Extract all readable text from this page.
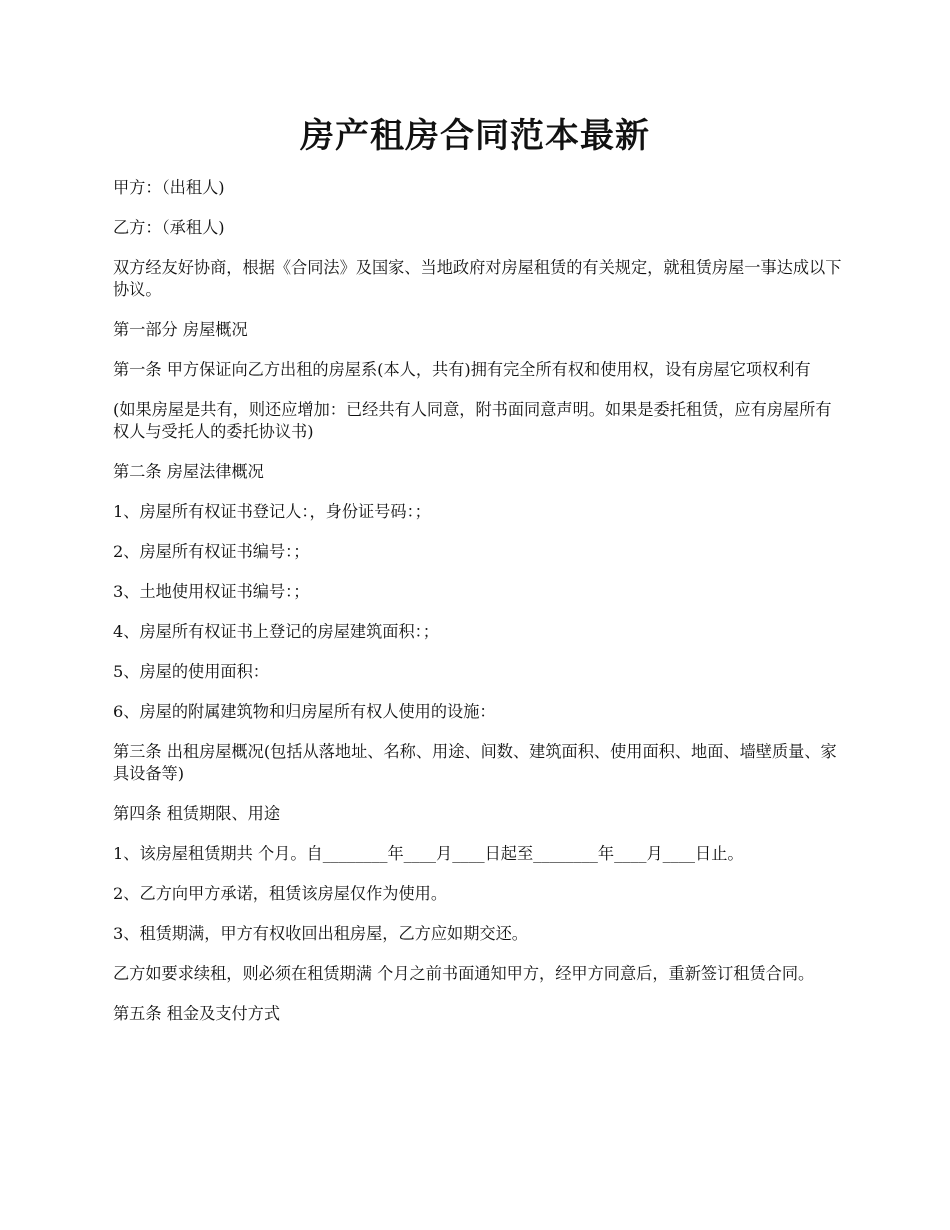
房产租房合同范本最新

甲方：（出租人)

乙方：（承租人)

双方经友好协商，根据《合同法》及国家、当地政府对房屋租赁的有关规定，就租赁房屋一事达成以下协议。

第一部分 房屋概况

第一条 甲方保证向乙方出租的房屋系(本人，共有)拥有完全所有权和使用权，设有房屋它项权利有

(如果房屋是共有，则还应增加：已经共有人同意，附书面同意声明。如果是委托租赁，应有房屋所有权人与受托人的委托协议书)

第二条 房屋法律概况

1、房屋所有权证书登记人：，身份证号码：；

2、房屋所有权证书编号：；

3、土地使用权证书编号：；

4、房屋所有权证书上登记的房屋建筑面积：；

5、房屋的使用面积：

6、房屋的附属建筑物和归房屋所有权人使用的设施：

第三条 出租房屋概况(包括从落地址、名称、用途、间数、建筑面积、使用面积、地面、墙壁质量、家具设备等)

第四条 租赁期限、用途

1、该房屋租赁期共 个月。自________年____月____日起至________年____月____日止。

2、乙方向甲方承诺，租赁该房屋仅作为使用。

3、租赁期满，甲方有权收回出租房屋，乙方应如期交还。

乙方如要求续租，则必须在租赁期满 个月之前书面通知甲方，经甲方同意后，重新签订租赁合同。

第五条 租金及支付方式
